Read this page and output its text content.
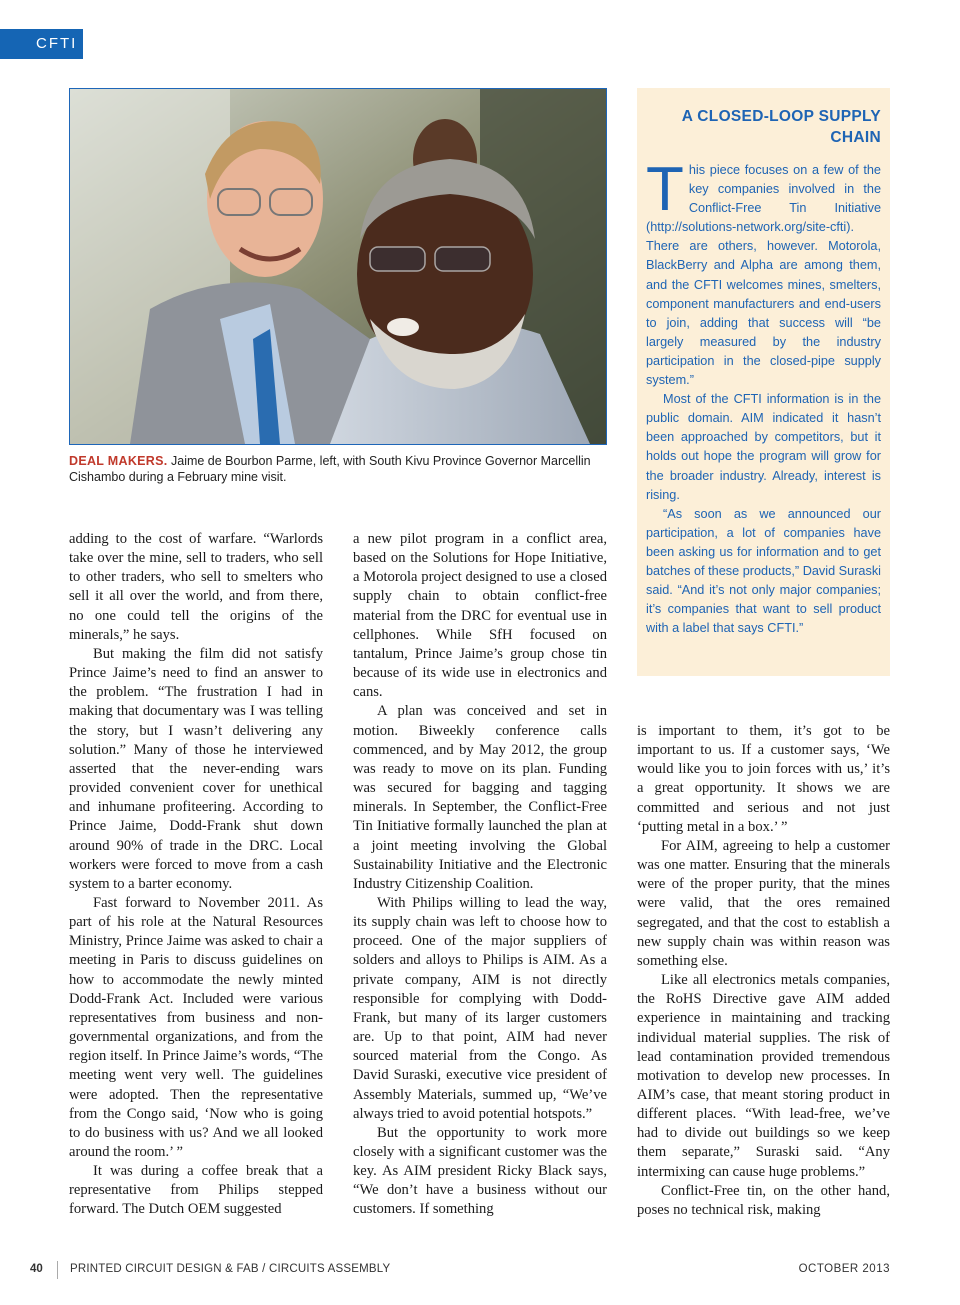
CFTI
DEAL MAKERS. Jaime de Bourbon Parme, left, with South Kivu Province Governor Marcellin Cishambo during a February mine visit.

adding to the cost of warfare. “Warlords take over the mine, sell to traders, who sell to other traders, who sell to smelters who sell it all over the world, and from there, no one could tell the origins of the minerals,” he says.

But making the film did not satisfy Prince Jaime’s need to find an answer to the problem. “The frustration I had in making that documentary was I was telling the story, but I wasn’t delivering any solution.” Many of those he interviewed asserted that the never-ending wars provided convenient cover for unethical and inhumane profiteering. According to Prince Jaime, Dodd-Frank shut down around 90% of trade in the DRC. Local workers were forced to move from a cash system to a barter economy.

Fast forward to November 2011. As part of his role at the Natural Resources Ministry, Prince Jaime was asked to chair a meeting in Paris to discuss guidelines on how to accommodate the newly minted Dodd-Frank Act. Included were various representatives from business and non-governmental organizations, and from the region itself. In Prince Jaime’s words, “The meeting went very well. The guidelines were adopted. Then the representative from the Congo said, ‘Now who is going to do business with us? And we all looked around the room.’ ”

It was during a coffee break that a representative from Philips stepped forward. The Dutch OEM suggested

a new pilot program in a conflict area, based on the Solutions for Hope Initiative, a Motorola project designed to use a closed supply chain to obtain conflict-free material from the DRC for eventual use in cellphones. While SfH focused on tantalum, Prince Jaime’s group chose tin because of its wide use in electronics and cans.

A plan was conceived and set in motion. Biweekly conference calls commenced, and by May 2012, the group was ready to move on its plan. Funding was secured for bagging and tagging minerals. In September, the Conflict-Free Tin Initiative formally launched the plan at a joint meeting involving the Global Sustainability Initiative and the Electronic Industry Citizenship Coalition.

With Philips willing to lead the way, its supply chain was left to choose how to proceed. One of the major suppliers of solders and alloys to Philips is AIM. As a private company, AIM is not directly responsible for complying with Dodd-Frank, but many of its larger customers are. Up to that point, AIM had never sourced material from the Congo. As David Suraski, executive vice president of Assembly Materials, summed up, “We’ve always tried to avoid potential hotspots.”

But the opportunity to work more closely with a significant customer was the key. As AIM president Ricky Black says, “We don’t have a business without our customers. If something

A CLOSED-LOOP SUPPLY CHAIN

This piece focuses on a few of the key companies involved in the Conflict-Free Tin Initiative (http://solutions-network.org/site-cfti). There are others, however. Motorola, BlackBerry and Alpha are among them, and the CFTI welcomes mines, smelters, component manufacturers and end-users to join, adding that success will “be largely measured by the industry participation in the closed-pipe supply system.”

Most of the CFTI information is in the public domain. AIM indicated it hasn’t been approached by competitors, but it holds out hope the program will grow for the broader industry. Already, interest is rising.

“As soon as we announced our participation, a lot of companies have been asking us for information and to get batches of these products,” David Suraski said. “And it’s not only major companies; it’s companies that want to sell product with a label that says CFTI.”

is important to them, it’s got to be important to us. If a customer says, ‘We would like you to join forces with us,’ it’s a great opportunity. It shows we are committed and serious and not just ‘putting metal in a box.’ ”

For AIM, agreeing to help a customer was one matter. Ensuring that the minerals were of the proper purity, that the mines were valid, that the ores remained segregated, and that the cost to establish a new supply chain was within reason was something else.

Like all electronics metals companies, the RoHS Directive gave AIM added experience in maintaining and tracking individual material supplies. The risk of lead contamination provided tremendous motivation to develop new processes. In AIM’s case, that meant storing product in different places. “With lead-free, we’ve had to divide out buildings so we keep them separate,” Suraski said. “Any intermixing can cause huge problems.”

Conflict-Free tin, on the other hand, poses no technical risk, making

40 PRINTED CIRCUIT DESIGN & FAB / CIRCUITS ASSEMBLY	OCTOBER 2013
